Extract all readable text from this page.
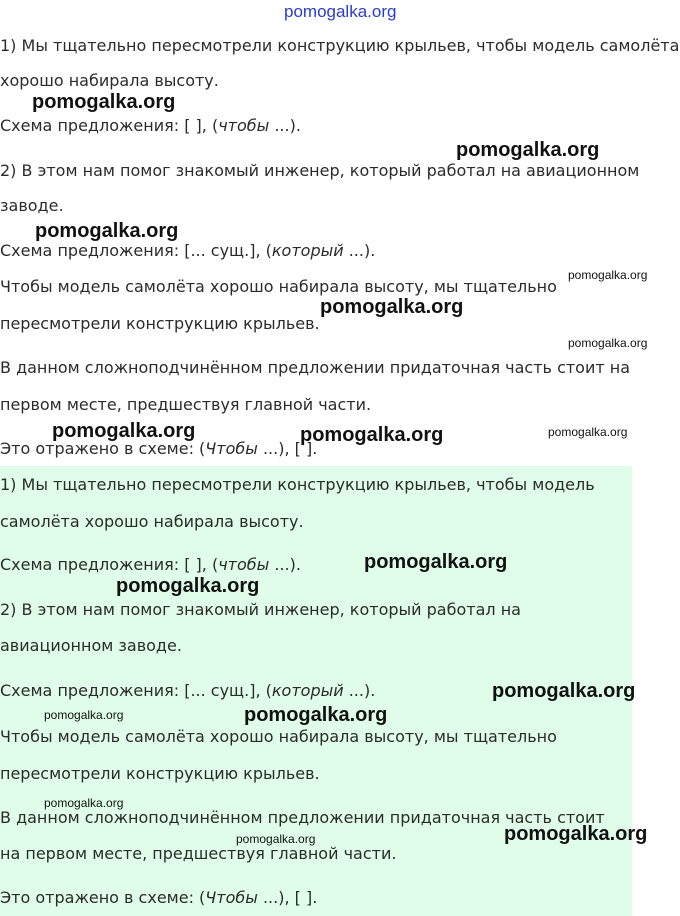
pomogalka.org
1) Мы тщательно пересмотрели конструкцию крыльев, чтобы модель самолёта
хорошо набирала высоту.
Схема предложения: [ ], (чтобы ...).
2) В этом нам помог знакомый инженер, который работал на авиационном
заводе.
Схема предложения: [... сущ.], (который ...).
Чтобы модель самолёта хорошо набирала высоту, мы тщательно
пересмотрели конструкцию крыльев.
В данном сложноподчинённом предложении придаточная часть стоит на
первом месте, предшествуя главной части.
Это отражено в схеме: (Чтобы ...), [ ].
1) Мы тщательно пересмотрели конструкцию крыльев, чтобы модель
самолёта хорошо набирала высоту.
Схема предложения: [ ], (чтобы ...).
2) В этом нам помог знакомый инженер, который работал на
авиационном заводе.
Схема предложения: [... сущ.], (который ...).
Чтобы модель самолёта хорошо набирала высоту, мы тщательно
пересмотрели конструкцию крыльев.
В данном сложноподчинённом предложении придаточная часть стоит
на первом месте, предшествуя главной части.
Это отражено в схеме: (Чтобы ...), [ ].
pomogalka.org
pomogalka.org
pomogalka.org
pomogalka.org
pomogalka.org
pomogalka.org
pomogalka.org	pomogalka.org	pomogalka.org
pomogalka.org
pomogalka.org
pomogalka.org
pomogalka.org	pomogalka.org
pomogalka.org
pomogalka.org
pomogalka.org
